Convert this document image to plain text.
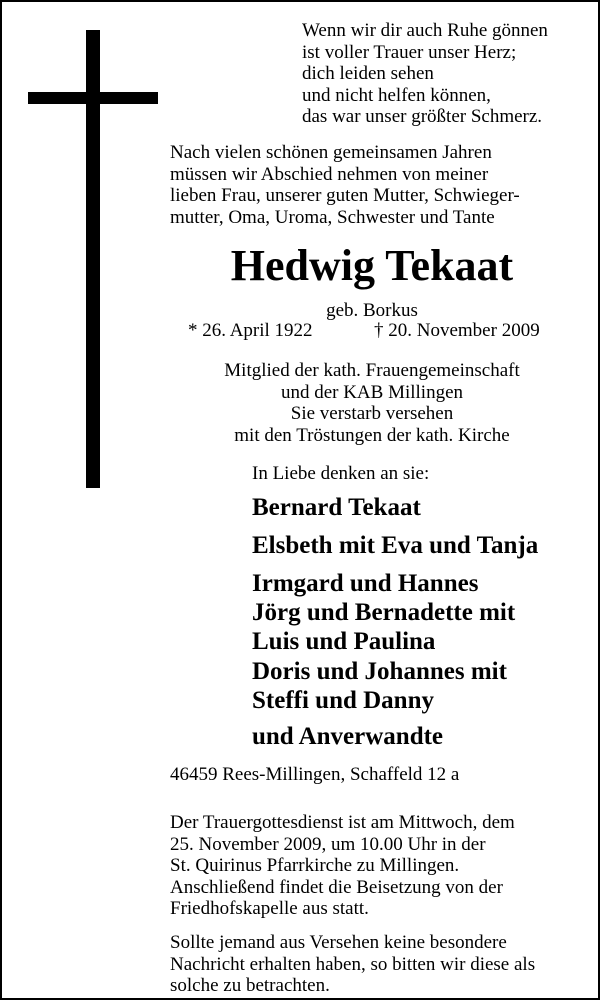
Wenn wir dir auch Ruhe gönnen
ist voller Trauer unser Herz;
dich leiden sehen
und nicht helfen können,
das war unser größter Schmerz.

Nach vielen schönen gemeinsamen Jahren
müssen wir Abschied nehmen von meiner
lieben Frau, unserer guten Mutter, Schwieger-
mutter, Oma, Uroma, Schwester und Tante

Hedwig Tekaat

geb. Borkus

* 26. April 1922	† 20. November 2009

Mitglied der kath. Frauengemeinschaft
und der KAB Millingen
Sie verstarb versehen
mit den Tröstungen der kath. Kirche

In Liebe denken an sie:

Bernard Tekaat

Elsbeth mit Eva und Tanja

Irmgard und Hannes
Jörg und Bernadette mit
Luis und Paulina

Doris und Johannes mit
Steffi und Danny

und Anverwandte

46459 Rees-Millingen, Schaffeld 12 a

Der Trauergottesdienst ist am Mittwoch, dem
25. November 2009, um 10.00 Uhr in der
St. Quirinus Pfarrkirche zu Millingen.
Anschließend findet die Beisetzung von der
Friedhofskapelle aus statt.

Sollte jemand aus Versehen keine besondere
Nachricht erhalten haben, so bitten wir diese als
solche zu betrachten.
